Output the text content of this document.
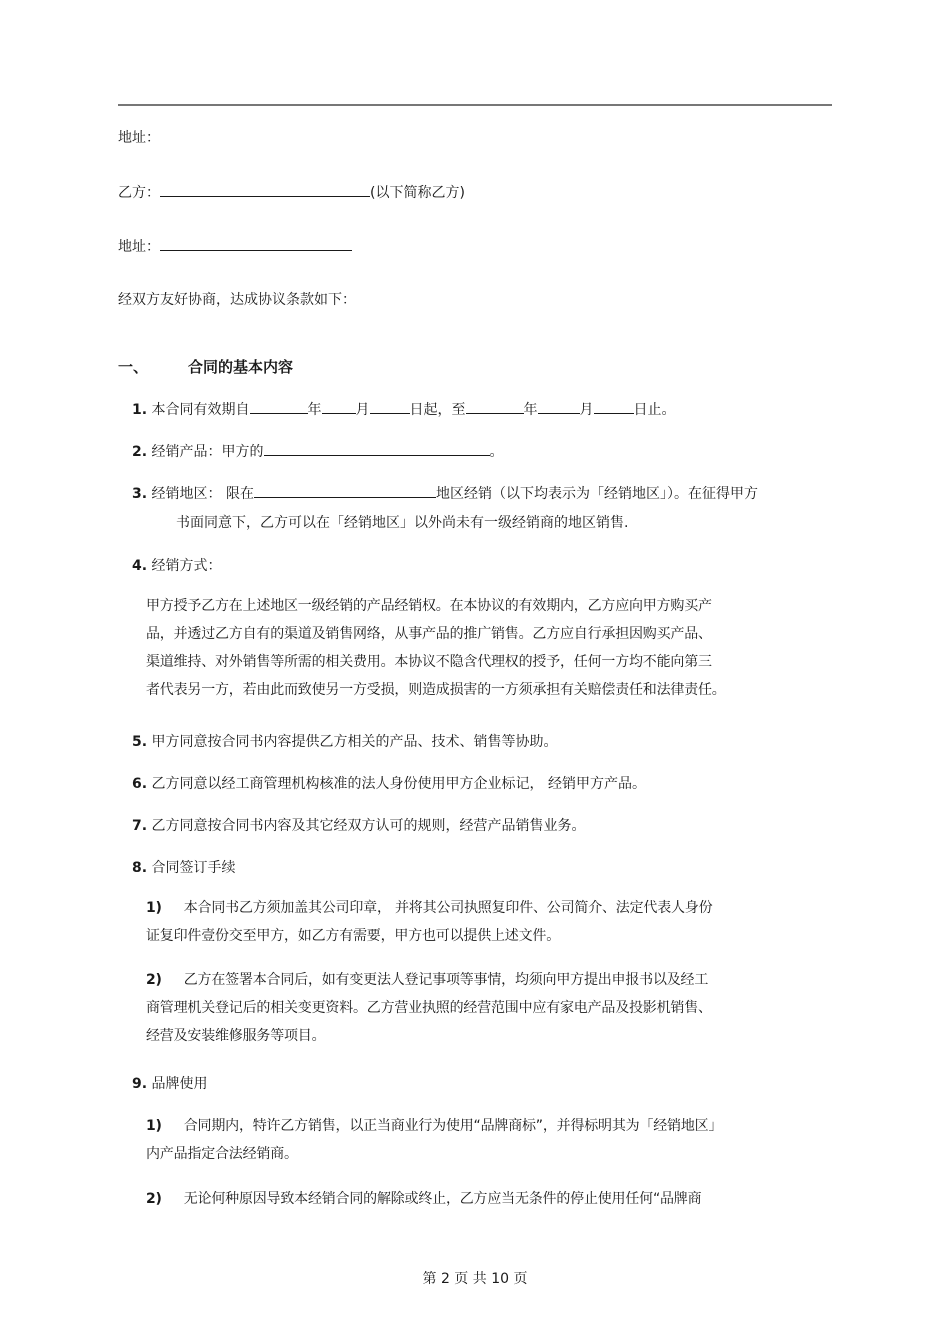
地址：
乙方：	(以下简称乙方)
地址：
经双方友好协商，达成协议条款如下：
一、	合同的基本内容
1. 本合同有效期自	年 月	日起，至	年	月	日止。
2. 经销产品：甲方的	。
3. 经销地区： 限在	地区经销（以下均表示为「经销地区」）。在征得甲方
书面同意下，乙方可以在「经销地区」以外尚未有一级经销商的地区销售.
4. 经销方式：
甲方授予乙方在上述地区一级经销的产品经销权。在本协议的有效期内，乙方应向甲方购买产
品，并透过乙方自有的渠道及销售网络，从事产品的推广销售。乙方应自行承担因购买产品、
渠道维持、对外销售等所需的相关费用。本协议不隐含代理权的授予，任何一方均不能向第三
者代表另一方，若由此而致使另一方受损，则造成损害的一方须承担有关赔偿责任和法律责任。
5. 甲方同意按合同书内容提供乙方相关的产品、技术、销售等协助。
6. 乙方同意以经工商管理机构核准的法人身份使用甲方企业标记， 经销甲方产品。
7. 乙方同意按合同书内容及其它经双方认可的规则，经营产品销售业务。
8. 合同签订手续
1) 本合同书乙方须加盖其公司印章， 并将其公司执照复印件、公司简介、法定代表人身份
证复印件壹份交至甲方，如乙方有需要，甲方也可以提供上述文件。
2) 乙方在签署本合同后，如有变更法人登记事项等事情，均须向甲方提出申报书以及经工
商管理机关登记后的相关变更资料。乙方营业执照的经营范围中应有家电产品及投影机销售、
经营及安装维修服务等项目。
9. 品牌使用
1) 合同期内，特许乙方销售，以正当商业行为使用“品牌商标”，并得标明其为「经销地区」
内产品指定合法经销商。
2) 无论何种原因导致本经销合同的解除或终止，乙方应当无条件的停止使用任何“品牌商
第 2 页 共 10 页
